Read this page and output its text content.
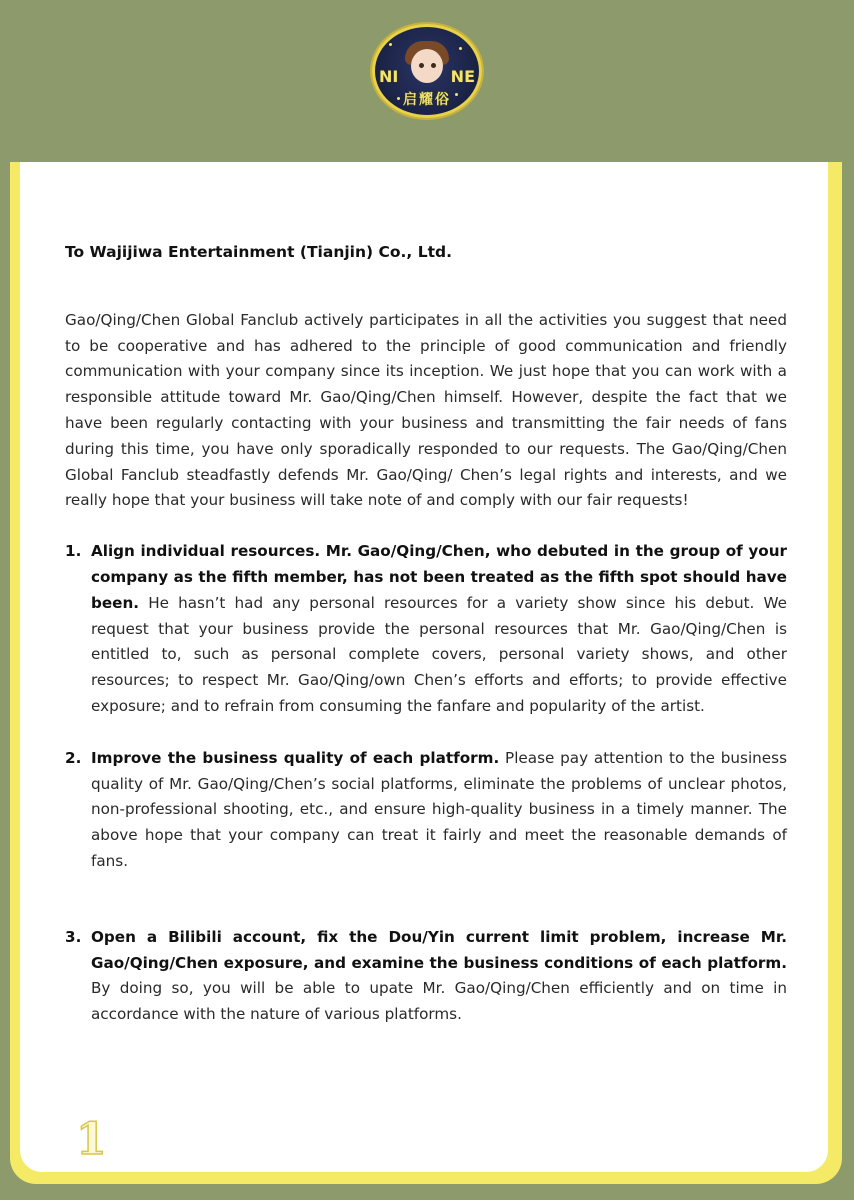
NI	NE
启耀俗

To Wajijiwa Entertainment (Tianjin) Co., Ltd.

Gao/Qing/Chen Global Fanclub actively participates in all the activities you suggest that need to be cooperative and has adhered to the principle of good communication and friendly communication with your company since its inception. We just hope that you can work with a responsible attitude toward Mr. Gao/Qing/Chen himself. However, despite the fact that we have been regularly contacting with your business and transmitting the fair needs of fans during this time, you have only sporadically responded to our requests. The Gao/Qing/Chen Global Fanclub steadfastly defends Mr. Gao/Qing/ Chen’s legal rights and interests, and we really hope that your business will take note of and comply with our fair requests!

1. Align individual resources. Mr. Gao/Qing/Chen, who debuted in the group of your company as the fifth member, has not been treated as the fifth spot should have been. He hasn’t had any personal resources for a variety show since his debut. We request that your business provide the personal resources that Mr. Gao/Qing/Chen is entitled to, such as personal complete covers, personal variety shows, and other resources; to respect Mr. Gao/Qing/own Chen’s efforts and efforts; to provide effective exposure; and to refrain from consuming the fanfare and popularity of the artist.
2. Improve the business quality of each platform. Please pay attention to the business quality of Mr. Gao/Qing/Chen’s social platforms, eliminate the problems of unclear photos, non-professional shooting, etc., and ensure high-quality business in a timely manner. The above hope that your company can treat it fairly and meet the reasonable demands of fans.
3. Open a Bilibili account, fix the Dou/Yin current limit problem, increase Mr. Gao/Qing/Chen exposure, and examine the business conditions of each platform. By doing so, you will be able to upate Mr. Gao/Qing/Chen efficiently and on time in accordance with the nature of various platforms.
1
